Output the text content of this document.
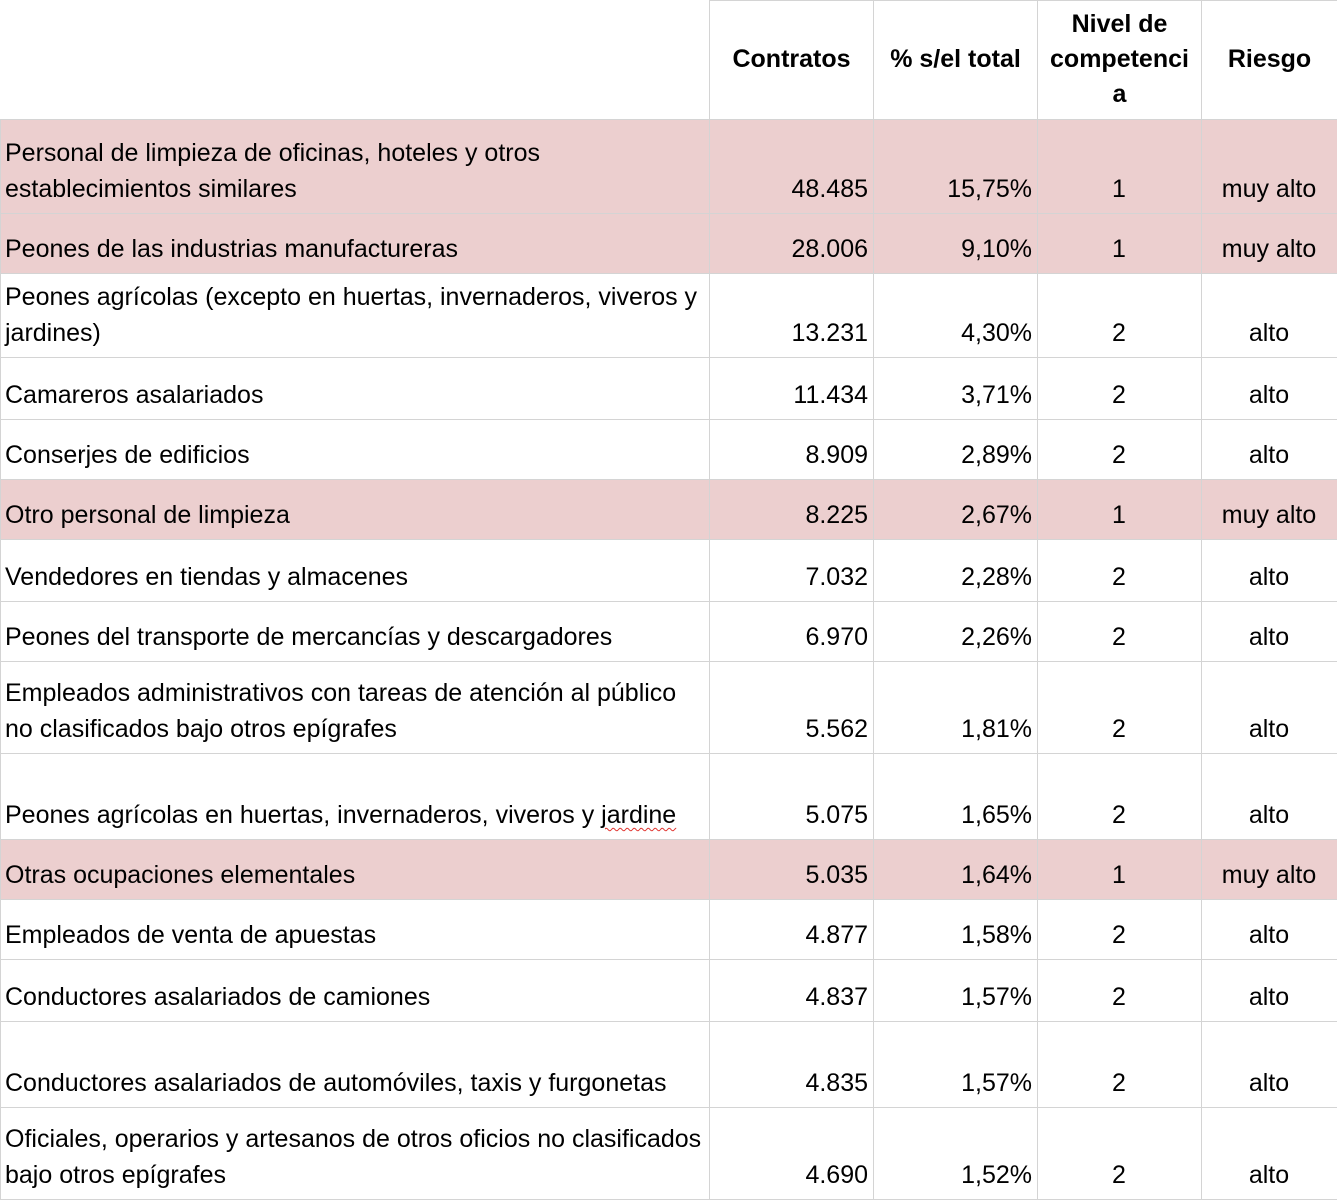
	Contratos	% s/el total	Nivel de competenci a	Riesgo
Personal de limpieza de oficinas, hoteles y otros establecimientos similares	48.485	15,75%	1	muy alto
Peones de las industrias manufactureras	28.006	9,10%	1	muy alto
Peones agrícolas (excepto en huertas, invernaderos, viveros y jardines)	13.231	4,30%	2	alto
Camareros asalariados	11.434	3,71%	2	alto
Conserjes de edificios	8.909	2,89%	2	alto
Otro personal de limpieza	8.225	2,67%	1	muy alto
Vendedores en tiendas y almacenes	7.032	2,28%	2	alto
Peones del transporte de mercancías y descargadores	6.970	2,26%	2	alto
Empleados administrativos con tareas de atención al público no clasificados bajo otros epígrafes	5.562	1,81%	2	alto
Peones agrícolas en huertas, invernaderos, viveros y jardine	5.075	1,65%	2	alto
Otras ocupaciones elementales	5.035	1,64%	1	muy alto
Empleados de venta de apuestas	4.877	1,58%	2	alto
Conductores asalariados de camiones	4.837	1,57%	2	alto
Conductores asalariados de automóviles, taxis y furgonetas	4.835	1,57%	2	alto
Oficiales, operarios y artesanos de otros oficios no clasificados bajo otros epígrafes	4.690	1,52%	2	alto
